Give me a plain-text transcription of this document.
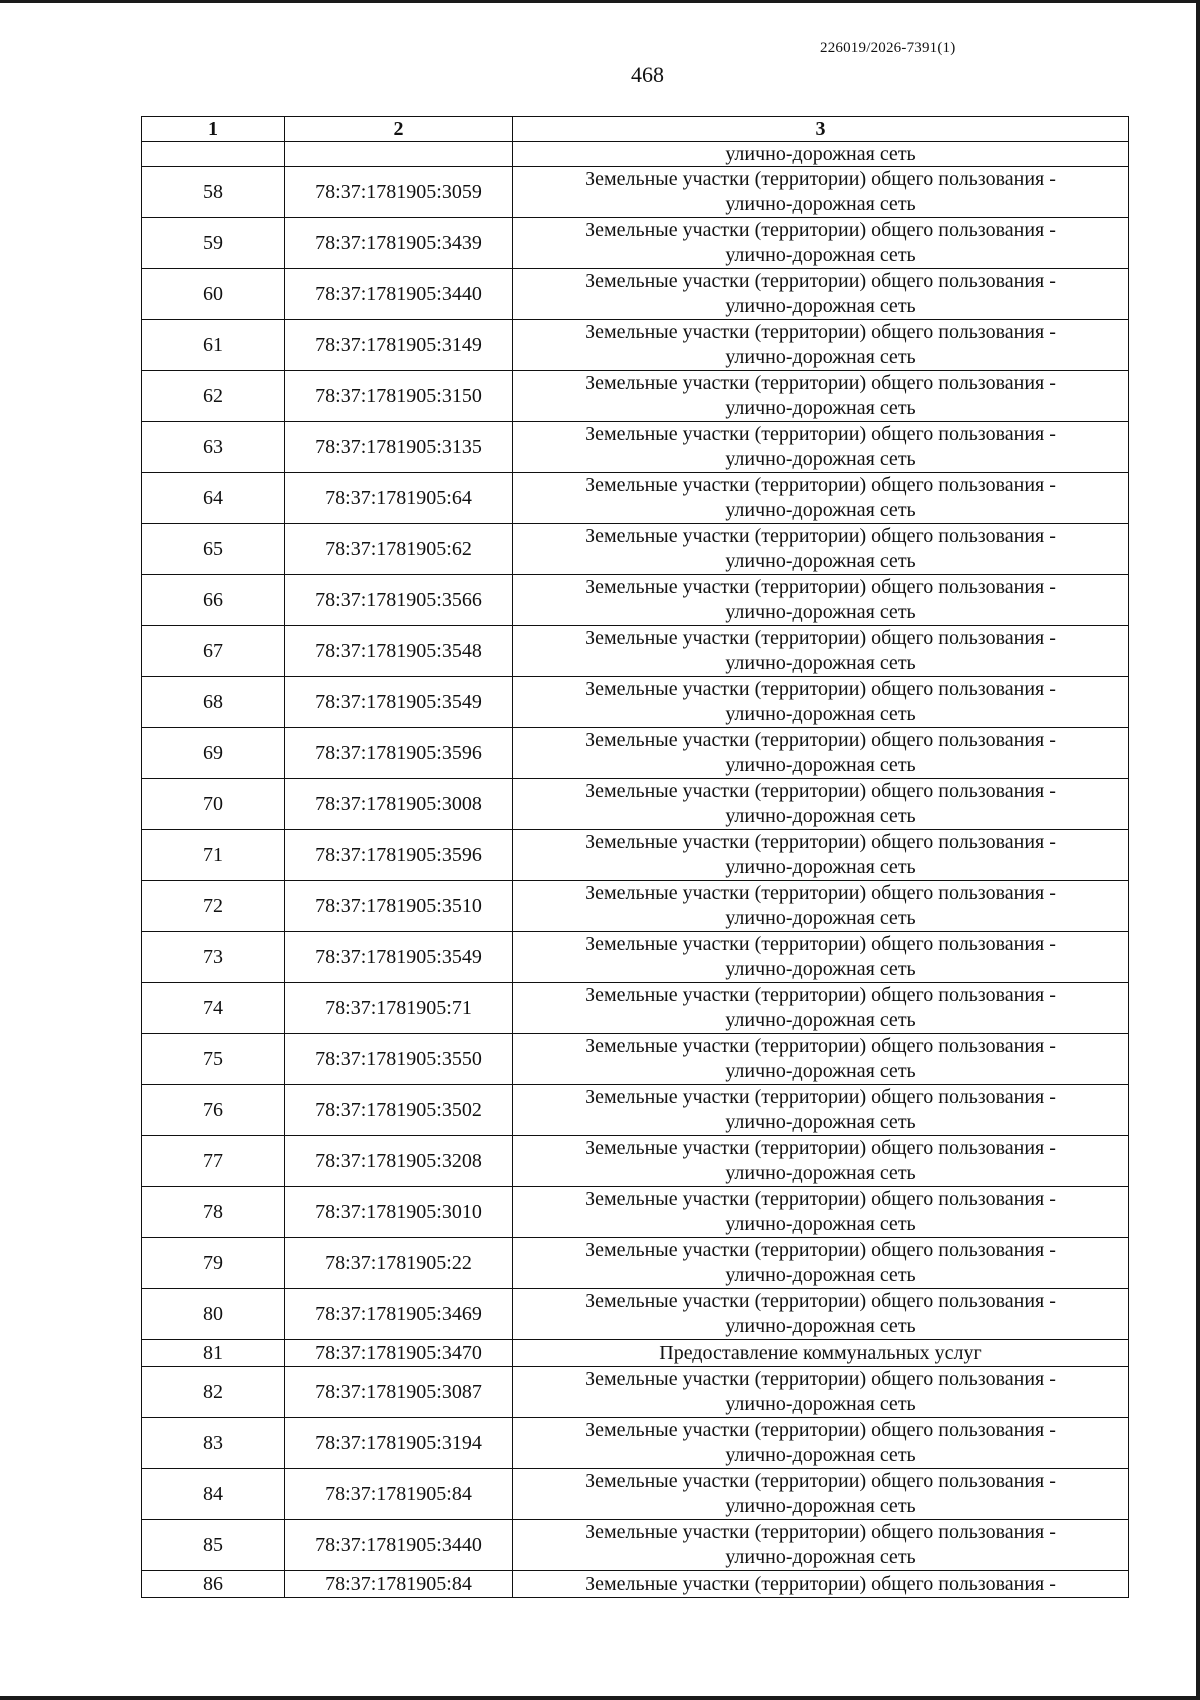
226019/2026-7391(1)
468
1	2	3
		улично-дорожная сеть
58	78:37:1781905:3059	Земельные участки (территории) общего пользования -
улично-дорожная сеть

59	78:37:1781905:3439	Земельные участки (территории) общего пользования -
улично-дорожная сеть

60	78:37:1781905:3440	Земельные участки (территории) общего пользования -
улично-дорожная сеть

61	78:37:1781905:3149	Земельные участки (территории) общего пользования -
улично-дорожная сеть

62	78:37:1781905:3150	Земельные участки (территории) общего пользования -
улично-дорожная сеть

63	78:37:1781905:3135	Земельные участки (территории) общего пользования -
улично-дорожная сеть

64	78:37:1781905:64	Земельные участки (территории) общего пользования -
улично-дорожная сеть

65	78:37:1781905:62	Земельные участки (территории) общего пользования -
улично-дорожная сеть

66	78:37:1781905:3566	Земельные участки (территории) общего пользования -
улично-дорожная сеть

67	78:37:1781905:3548	Земельные участки (территории) общего пользования -
улично-дорожная сеть

68	78:37:1781905:3549	Земельные участки (территории) общего пользования -
улично-дорожная сеть

69	78:37:1781905:3596	Земельные участки (территории) общего пользования -
улично-дорожная сеть

70	78:37:1781905:3008	Земельные участки (территории) общего пользования -
улично-дорожная сеть

71	78:37:1781905:3596	Земельные участки (территории) общего пользования -
улично-дорожная сеть

72	78:37:1781905:3510	Земельные участки (территории) общего пользования -
улично-дорожная сеть

73	78:37:1781905:3549	Земельные участки (территории) общего пользования -
улично-дорожная сеть

74	78:37:1781905:71	Земельные участки (территории) общего пользования -
улично-дорожная сеть

75	78:37:1781905:3550	Земельные участки (территории) общего пользования -
улично-дорожная сеть

76	78:37:1781905:3502	Земельные участки (территории) общего пользования -
улично-дорожная сеть

77	78:37:1781905:3208	Земельные участки (территории) общего пользования -
улично-дорожная сеть

78	78:37:1781905:3010	Земельные участки (территории) общего пользования -
улично-дорожная сеть

79	78:37:1781905:22	Земельные участки (территории) общего пользования -
улично-дорожная сеть

80	78:37:1781905:3469	Земельные участки (территории) общего пользования -
улично-дорожная сеть

81	78:37:1781905:3470	Предоставление коммунальных услуг

82	78:37:1781905:3087	Земельные участки (территории) общего пользования -
улично-дорожная сеть

83	78:37:1781905:3194	Земельные участки (территории) общего пользования -
улично-дорожная сеть

84	78:37:1781905:84	Земельные участки (территории) общего пользования -
улично-дорожная сеть

85	78:37:1781905:3440	Земельные участки (территории) общего пользования -
улично-дорожная сеть

86	78:37:1781905:84	Земельные участки (территории) общего пользования -
